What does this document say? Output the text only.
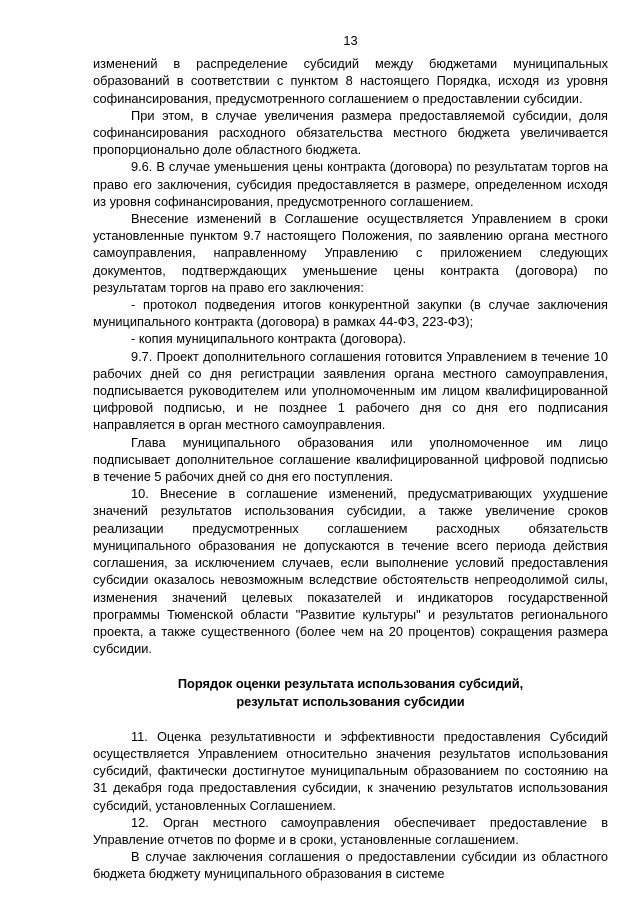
13

изменений в распределение субсидий между бюджетами муниципальных образований в соответствии с пунктом 8 настоящего Порядка, исходя из уровня софинансирования, предусмотренного соглашением о предоставлении субсидии.

При этом, в случае увеличения размера предоставляемой субсидии, доля софинансирования расходного обязательства местного бюджета увеличивается пропорционально доле областного бюджета.

9.6. В случае уменьшения цены контракта (договора) по результатам торгов на право его заключения, субсидия предоставляется в размере, определенном исходя из уровня софинансирования, предусмотренного соглашением.

Внесение изменений в Соглашение осуществляется Управлением в сроки установленные пунктом 9.7 настоящего Положения, по заявлению органа местного самоуправления, направленному Управлению с приложением следующих документов, подтверждающих уменьшение цены контракта (договора) по результатам торгов на право его заключения:

- протокол подведения итогов конкурентной закупки (в случае заключения муниципального контракта (договора) в рамках 44-ФЗ, 223-ФЗ);

- копия муниципального контракта (договора).

9.7. Проект дополнительного соглашения готовится Управлением в течение 10 рабочих дней со дня регистрации заявления органа местного самоуправления, подписывается руководителем или уполномоченным им лицом квалифицированной цифровой подписью, и не позднее 1 рабочего дня со дня его подписания направляется в орган местного самоуправления.

Глава муниципального образования или уполномоченное им лицо подписывает дополнительное соглашение квалифицированной цифровой подписью в течение 5 рабочих дней со дня его поступления.

10. Внесение в соглашение изменений, предусматривающих ухудшение значений результатов использования субсидии, а также увеличение сроков реализации предусмотренных соглашением расходных обязательств муниципального образования не допускаются в течение всего периода действия соглашения, за исключением случаев, если выполнение условий предоставления субсидии оказалось невозможным вследствие обстоятельств непреодолимой силы, изменения значений целевых показателей и индикаторов государственной программы Тюменской области "Развитие культуры" и результатов регионального проекта, а также существенного (более чем на 20 процентов) сокращения размера субсидии.

Порядок оценки результата использования субсидий,
результат использования субсидии

11. Оценка результативности и эффективности предоставления Субсидий осуществляется Управлением относительно значения результатов использования субсидий, фактически достигнутое муниципальным образованием по состоянию на 31 декабря года предоставления субсидии, к значению результатов использования субсидий, установленных Соглашением.

12. Орган местного самоуправления обеспечивает предоставление в Управление отчетов по форме и в сроки, установленные соглашением.

В случае заключения соглашения о предоставлении субсидии из областного бюджета бюджету муниципального образования в системе
